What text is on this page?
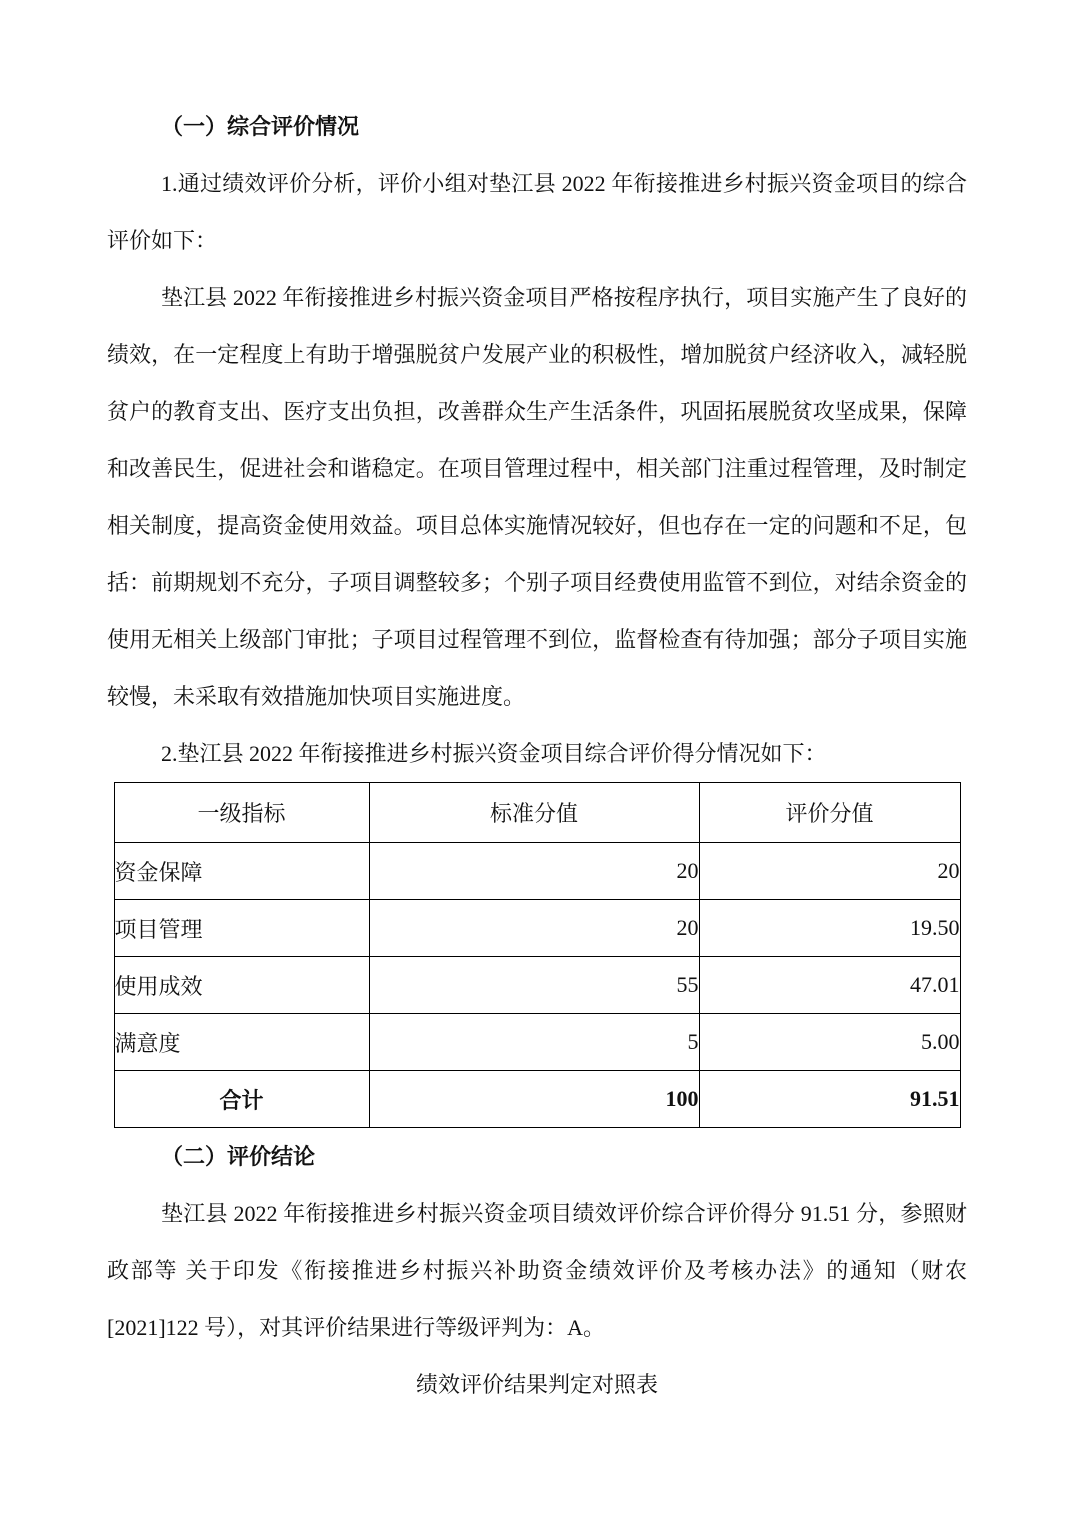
（一）综合评价情况

1.通过绩效评价分析，评价小组对垫江县 2022 年衔接推进乡村振兴资金项目的综合评价如下：

垫江县 2022 年衔接推进乡村振兴资金项目严格按程序执行，项目实施产生了良好的绩效，在一定程度上有助于增强脱贫户发展产业的积极性，增加脱贫户经济收入，减轻脱贫户的教育支出、医疗支出负担，改善群众生产生活条件，巩固拓展脱贫攻坚成果，保障和改善民生，促进社会和谐稳定。在项目管理过程中，相关部门注重过程管理，及时制定相关制度，提高资金使用效益。项目总体实施情况较好，但也存在一定的问题和不足，包括：前期规划不充分，子项目调整较多；个别子项目经费使用监管不到位，对结余资金的使用无相关上级部门审批；子项目过程管理不到位，监督检查有待加强；部分子项目实施较慢，未采取有效措施加快项目实施进度。

2.垫江县 2022 年衔接推进乡村振兴资金项目综合评价得分情况如下：

一级指标	标准分值	评价分值
资金保障	20	20
项目管理	20	19.50
使用成效	55	47.01
满意度	5	5.00
合计	100	91.51
（二）评价结论

垫江县 2022 年衔接推进乡村振兴资金项目绩效评价综合评价得分 91.51 分，参照财政部等 关于印发《衔接推进乡村振兴补助资金绩效评价及考核办法》的通知（财农[2021]122 号），对其评价结果进行等级评判为：A。

绩效评价结果判定对照表
